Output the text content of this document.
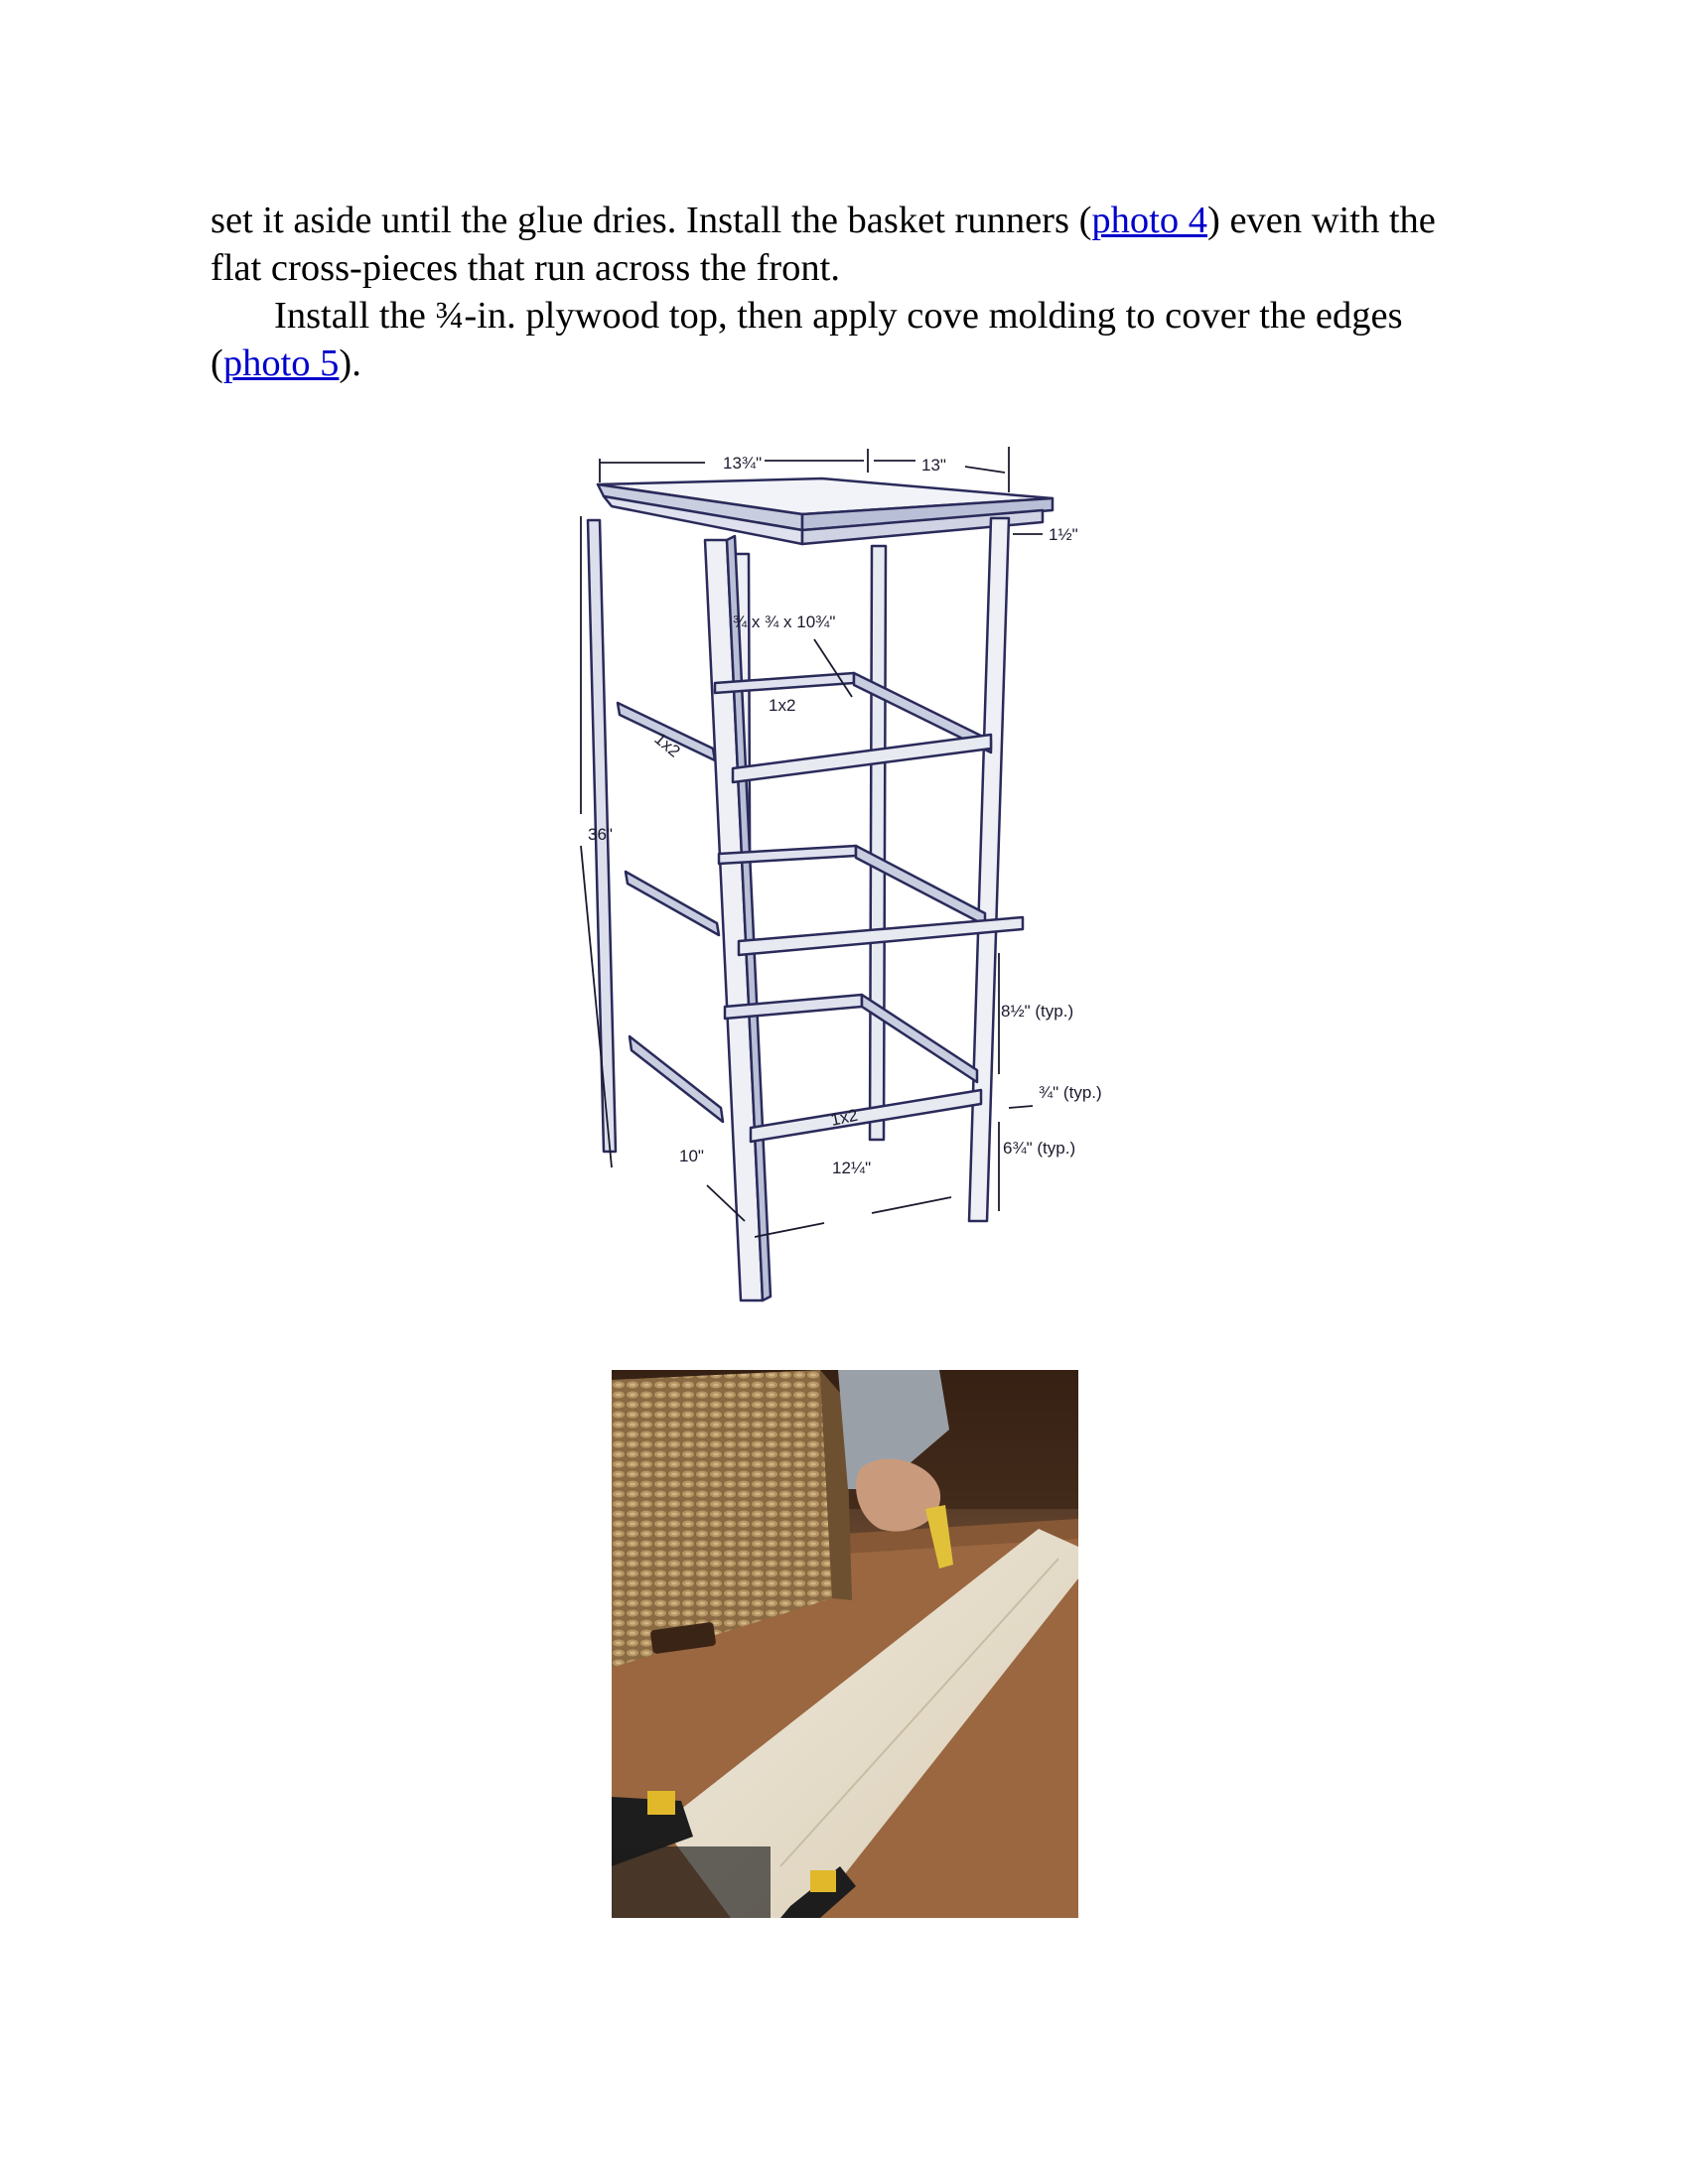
set it aside until the glue dries. Install the basket runners (photo 4) even with the flat cross-pieces that run across the front.

Install the ¾-in. plywood top, then apply cove molding to cover the edges (photo 5).

13¾"	13"
1½"
¾ x ¾ x 10¾"
1x2
1x2
36"
8½" (typ.)
¾" (typ.)
6¾" (typ.)
1x2
10"
12¼"
